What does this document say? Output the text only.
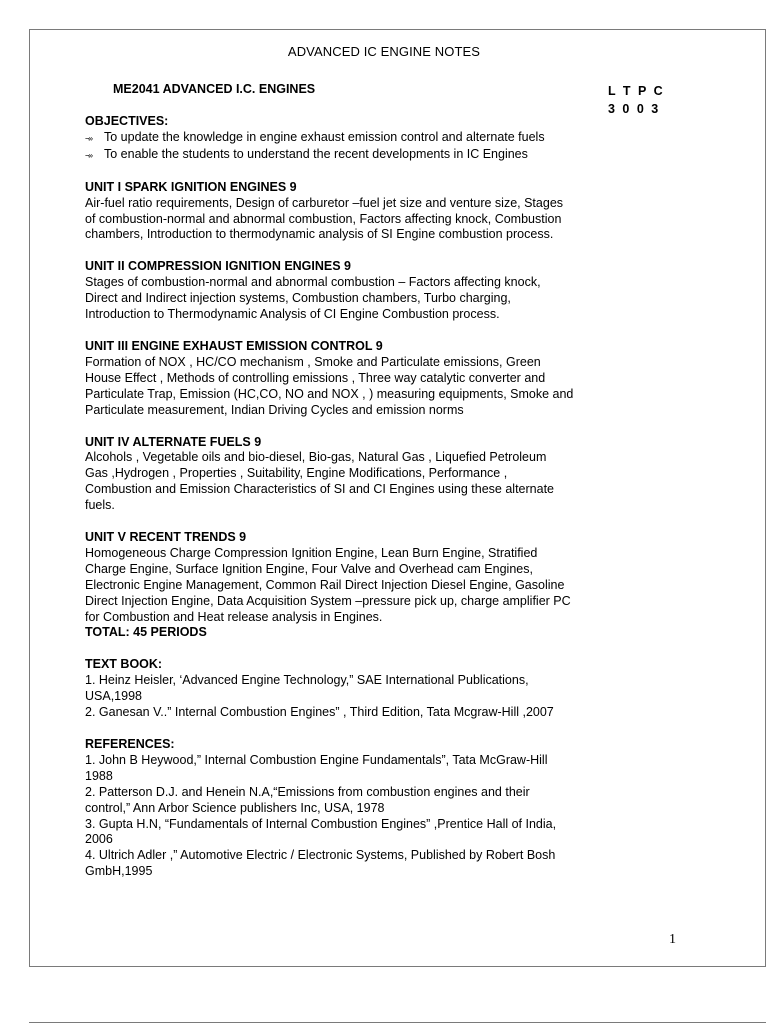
ADVANCED IC ENGINE NOTES
ME2041 ADVANCED I.C. ENGINES	L T P C
3 0 0 3
OBJECTIVES:
¬» To update the knowledge in engine exhaust emission control and alternate fuels
¬» To enable the students to understand the recent developments in IC Engines
UNIT I SPARK IGNITION ENGINES 9
Air-fuel ratio requirements, Design of carburetor –fuel jet size and venture size, Stages
of combustion-normal and abnormal combustion, Factors affecting knock, Combustion
chambers, Introduction to thermodynamic analysis of SI Engine combustion process.
UNIT II COMPRESSION IGNITION ENGINES 9
Stages of combustion-normal and abnormal combustion – Factors affecting knock,
Direct and Indirect injection systems, Combustion chambers, Turbo charging,
Introduction to Thermodynamic Analysis of CI Engine Combustion process.
UNIT III ENGINE EXHAUST EMISSION CONTROL 9
Formation of NOX , HC/CO mechanism , Smoke and Particulate emissions, Green
House Effect , Methods of controlling emissions , Three way catalytic converter and
Particulate Trap, Emission (HC,CO, NO and NOX , ) measuring equipments, Smoke and
Particulate measurement, Indian Driving Cycles and emission norms
UNIT IV ALTERNATE FUELS 9
Alcohols , Vegetable oils and bio-diesel, Bio-gas, Natural Gas , Liquefied Petroleum
Gas ,Hydrogen , Properties , Suitability, Engine Modifications, Performance ,
Combustion and Emission Characteristics of SI and CI Engines using these alternate
fuels.
UNIT V RECENT TRENDS 9
Homogeneous Charge Compression Ignition Engine, Lean Burn Engine, Stratified
Charge Engine, Surface Ignition Engine, Four Valve and Overhead cam Engines,
Electronic Engine Management, Common Rail Direct Injection Diesel Engine, Gasoline
Direct Injection Engine, Data Acquisition System –pressure pick up, charge amplifier PC
for Combustion and Heat release analysis in Engines.
TOTAL: 45 PERIODS
TEXT BOOK:
1. Heinz Heisler, ‘Advanced Engine Technology,” SAE International Publications,
USA,1998
2. Ganesan V..” Internal Combustion Engines” , Third Edition, Tata Mcgraw-Hill ,2007
REFERENCES:
1. John B Heywood,” Internal Combustion Engine Fundamentals”, Tata McGraw-Hill
1988
2. Patterson D.J. and Henein N.A,“Emissions from combustion engines and their
control,” Ann Arbor Science publishers Inc, USA, 1978
3. Gupta H.N, “Fundamentals of Internal Combustion Engines” ,Prentice Hall of India,
2006
4. Ultrich Adler ,” Automotive Electric / Electronic Systems, Published by Robert Bosh
GmbH,1995
1
